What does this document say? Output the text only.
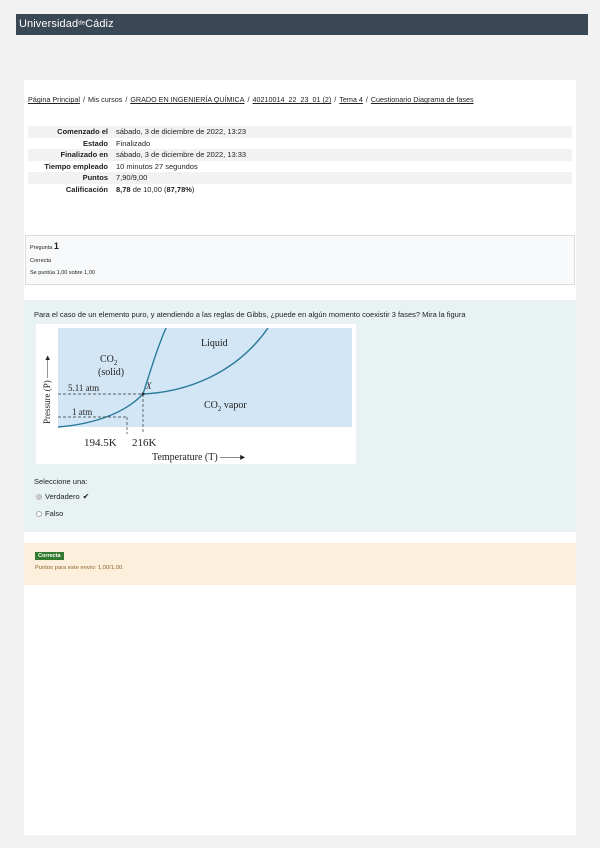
UniversidaddeCádiz
Página Principal / Mis cursos / GRADO EN INGENIERÍA QUÍMICA / 40210014_22_23_01 (2) / Tema 4 / Cuestionario Diagrama de fases
Comenzado el	sábado, 3 de diciembre de 2022, 13:23
Estado	Finalizado
Finalizado en	sábado, 3 de diciembre de 2022, 13:33
Tiempo empleado	10 minutos 27 segundos
Puntos	7,90/9,00
Calificación	8,78 de 10,00 (87,78%)
Pregunta 1
Correcta
Se puntúa 1,00 sobre 1,00
Para el caso de un elemento puro, y atendiendo a las reglas de Gibbs, ¿puede en algún momento coexistir 3 fases? Mira la figura
$CO_2$
(solid)
Liquid
$CO_2$ vapor
X
5.11 atm
1 atm
194.5K 216K
Temperature (T) ——▸
Pressure (P) ——▸
Seleccione una:
Verdadero ✔
Falso
Correcta
Puntos para este envío: 1,00/1,00.
